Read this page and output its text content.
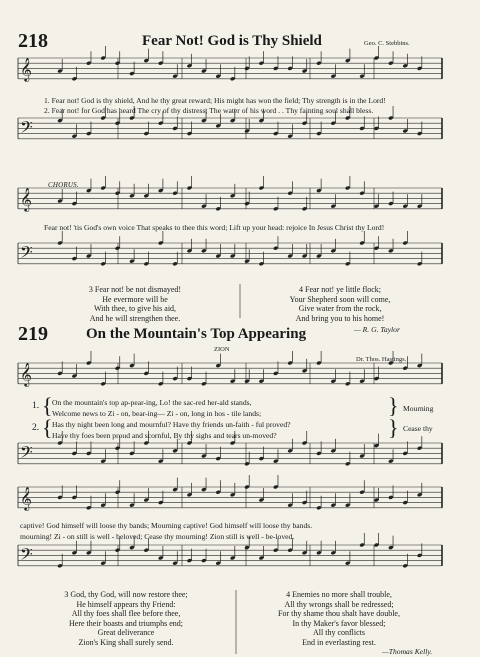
𝄞
𝄢
𝄞
𝄢
𝄞
𝄢
𝄞
𝄢
218	Fear Not! God is Thy Shield	Geo. C. Stebbins.
1. Fear not! God is thy shield, And he thy great reward; His might has won the field; Thy strength is in the Lord!
2. Fear not! for God has heard The cry of thy distress; The water of his word . . Thy fainting soul shall bless.
CHORUS.
Fear not! 'tis God's own voice That speaks to thee this word; Lift up your head: rejoice In Jesus Christ thy Lord!
3 Fear not! be not dismayed!
He evermore will be
With thee, to give his aid,
And he will strengthen thee.
4 Fear not! ye little flock;
Your Shepherd soon will come,
Give water from the rock,
And bring you to his home!
— R. G. Taylor
219	On the Mountain's Top Appearing
ZION
Dr. Thos. Hastings.
1. { On the mountain's top ap-pear-ing, Lo! the sac-red her-ald stands,
Welcome news to Zi - on, bear-ing— Zi - on, long in hos - tile lands;	} Mourning
2. { Has thy night been long and mournful? Have thy friends un-faith - ful proved?
Have thy foes been proud and scornful, By thy sighs and tears un-moved?	} Cease thy
captive! God himself will loose thy bands; Mourning captive! God himself will loose thy bands.
mourning! Zi - on still is well - beloved; Cease thy mourning! Zion still is well - be-loved.
3 God, thy God, will now restore thee;
He himself appears thy Friend:
All thy foes shall flee before thee,
Here their boasts and triumphs end;
Great deliverance
Zion's King shall surely send.
4 Enemies no more shall trouble,
All thy wrongs shall be redressed;
For thy shame thou shalt have double,
In thy Maker's favor blessed;
All thy conflicts
End in everlasting rest.
—Thomas Kelly.
